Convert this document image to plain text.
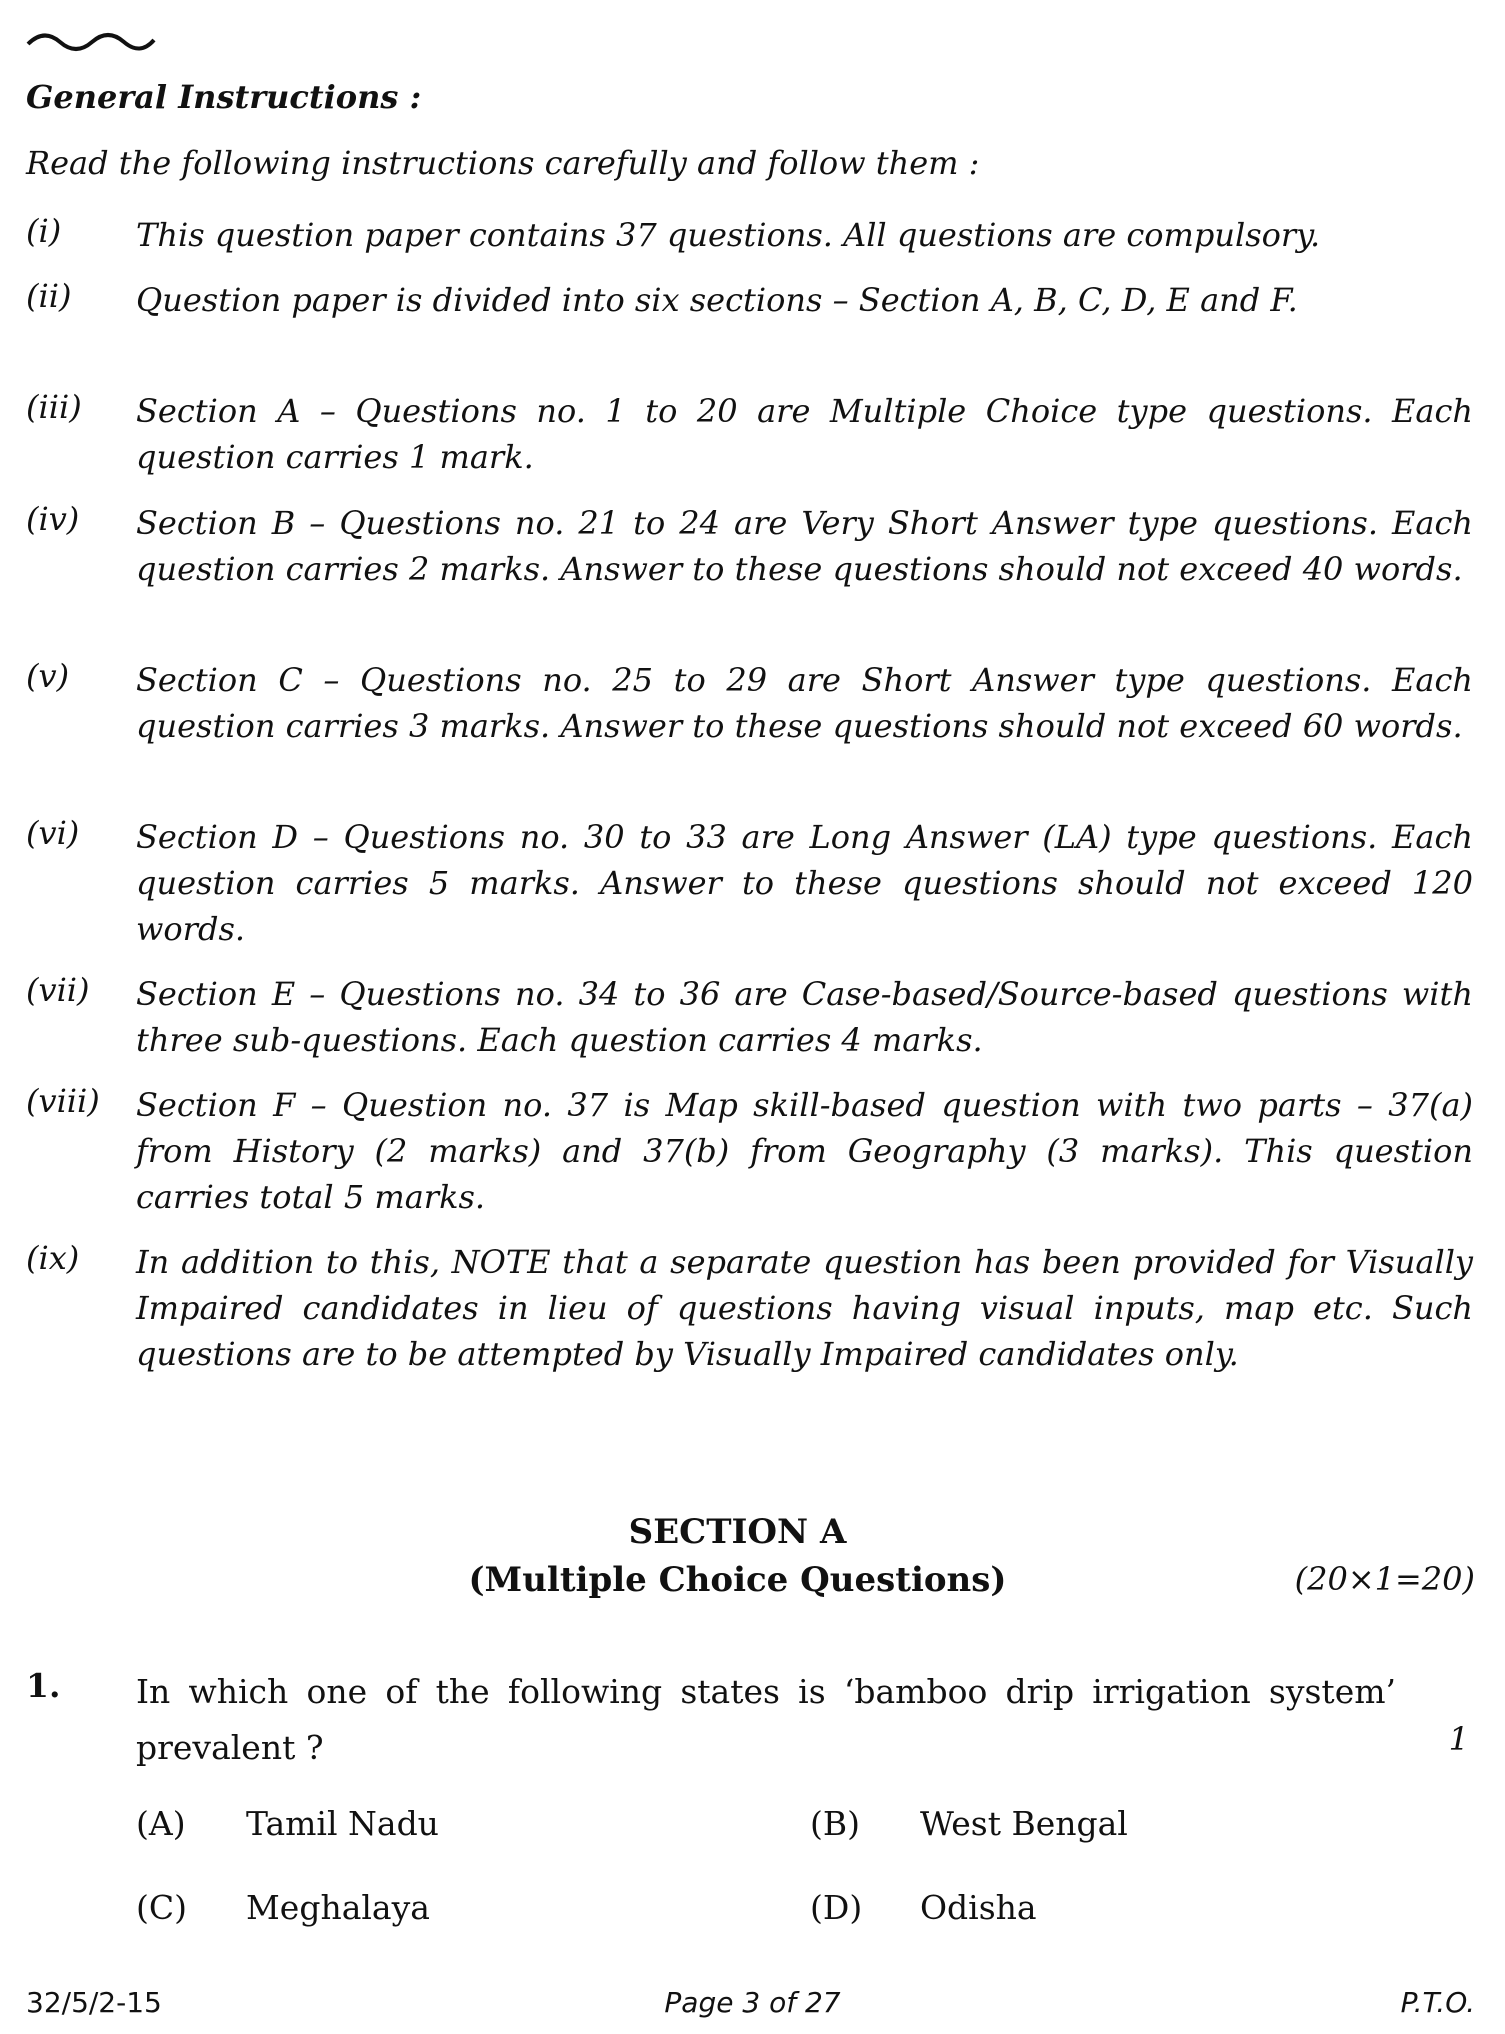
General Instructions :
Read the following instructions carefully and follow them :
(i) This question paper contains 37 questions. All questions are compulsory.
(ii) Question paper is divided into six sections – Section A, B, C, D, E and F.
(iii) Section A – Questions no. 1 to 20 are Multiple Choice type questions. Each question carries 1 mark.
(iv) Section B – Questions no. 21 to 24 are Very Short Answer type questions. Each question carries 2 marks. Answer to these questions should not exceed 40 words.
(v) Section C – Questions no. 25 to 29 are Short Answer type questions. Each question carries 3 marks. Answer to these questions should not exceed 60 words.
(vi) Section D – Questions no. 30 to 33 are Long Answer (LA) type questions. Each question carries 5 marks. Answer to these questions should not exceed 120 words.
(vii) Section E – Questions no. 34 to 36 are Case-based/Source-based questions with three sub-questions. Each question carries 4 marks.
(viii) Section F – Question no. 37 is Map skill-based question with two parts – 37(a) from History (2 marks) and 37(b) from Geography (3 marks). This question carries total 5 marks.
(ix) In addition to this, NOTE that a separate question has been provided for Visually Impaired candidates in lieu of questions having visual inputs, map etc. Such questions are to be attempted by Visually Impaired candidates only.
SECTION A
(Multiple Choice Questions)	(20×1=20)
1. In which one of the following states is ‘bamboo drip irrigation system’ prevalent ?	1
(A) Tamil Nadu	(B) West Bengal
(C) Meghalaya	(D) Odisha
32/5/2-15	Page 3 of 27	P.T.O.
